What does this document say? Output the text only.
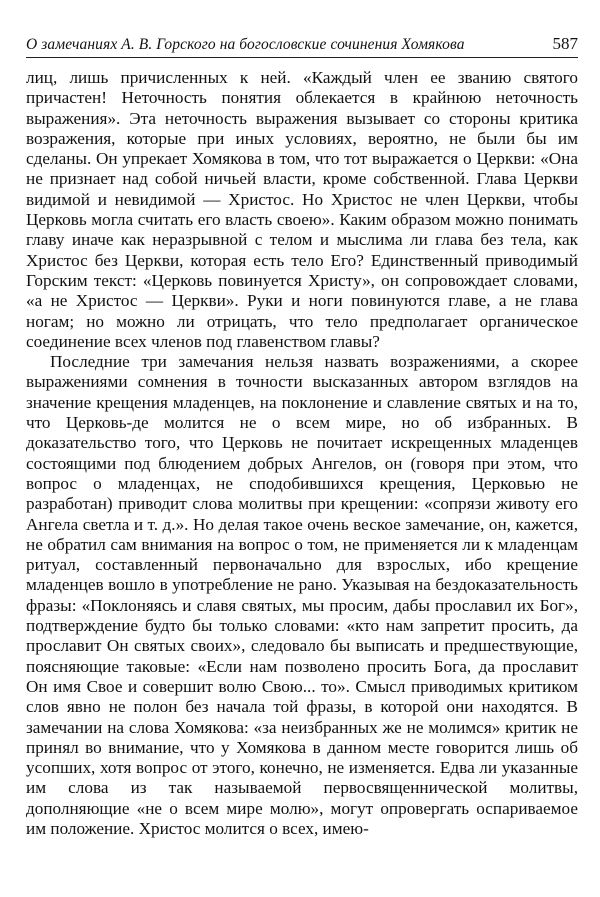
О замечаниях А. В. Горского на богословские сочинения Хомякова	587

лиц, лишь причисленных к ней. «Каждый член ее званию святого причастен! Неточность понятия облекается в крайнюю неточность выражения». Эта неточность выражения вызывает со стороны критика возражения, которые при иных условиях, вероятно, не были бы им сделаны. Он упрекает Хомякова в том, что тот выражается о Церкви: «Она не признает над собой ничьей власти, кроме собственной. Глава Церкви видимой и невидимой — Христос. Но Христос не член Церкви, чтобы Церковь могла считать его власть своею». Каким образом можно понимать главу иначе как неразрывной с телом и мыслима ли глава без тела, как Христос без Церкви, которая есть тело Его? Единственный приводимый Горским текст: «Церковь повинуется Христу», он сопровождает словами, «а не Христос — Церкви». Руки и ноги повинуются главе, а не глава ногам; но можно ли отрицать, что тело предполагает органическое соединение всех членов под главенством главы?

Последние три замечания нельзя назвать возражениями, а скорее выражениями сомнения в точности высказанных автором взглядов на значение крещения младенцев, на поклонение и славление святых и на то, что Церковь-де молится не о всем мире, но об избранных. В доказательство того, что Церковь не почитает искрещенных младенцев состоящими под блюдением добрых Ангелов, он (говоря при этом, что вопрос о младенцах, не сподобившихся крещения, Церковью не разработан) приводит слова молитвы при крещении: «сопрязи животу его Ангела светла и т. д.». Но делая такое очень веское замечание, он, кажется, не обратил сам внимания на вопрос о том, не применяется ли к младенцам ритуал, составленный первоначально для взрослых, ибо крещение младенцев вошло в употребление не рано. Указывая на бездоказательность фразы: «Поклоняясь и славя святых, мы просим, дабы прославил их Бог», подтверждение будто бы только словами: «кто нам запретит просить, да прославит Он святых своих», следовало бы выписать и предшествующие, поясняющие таковые: «Если нам позволено просить Бога, да прославит Он имя Свое и совершит волю Свою... то». Смысл приводимых критиком слов явно не полон без начала той фразы, в которой они находятся. В замечании на слова Хомякова: «за неизбранных же не молимся» критик не принял во внимание, что у Хомякова в данном месте говорится лишь об усопших, хотя вопрос от этого, конечно, не изменяется. Едва ли указанные им слова из так называемой первосвященнической молитвы, дополняющие «не о всем мире молю», могут опровергать оспариваемое им положение. Христос молится о всех, имею-
